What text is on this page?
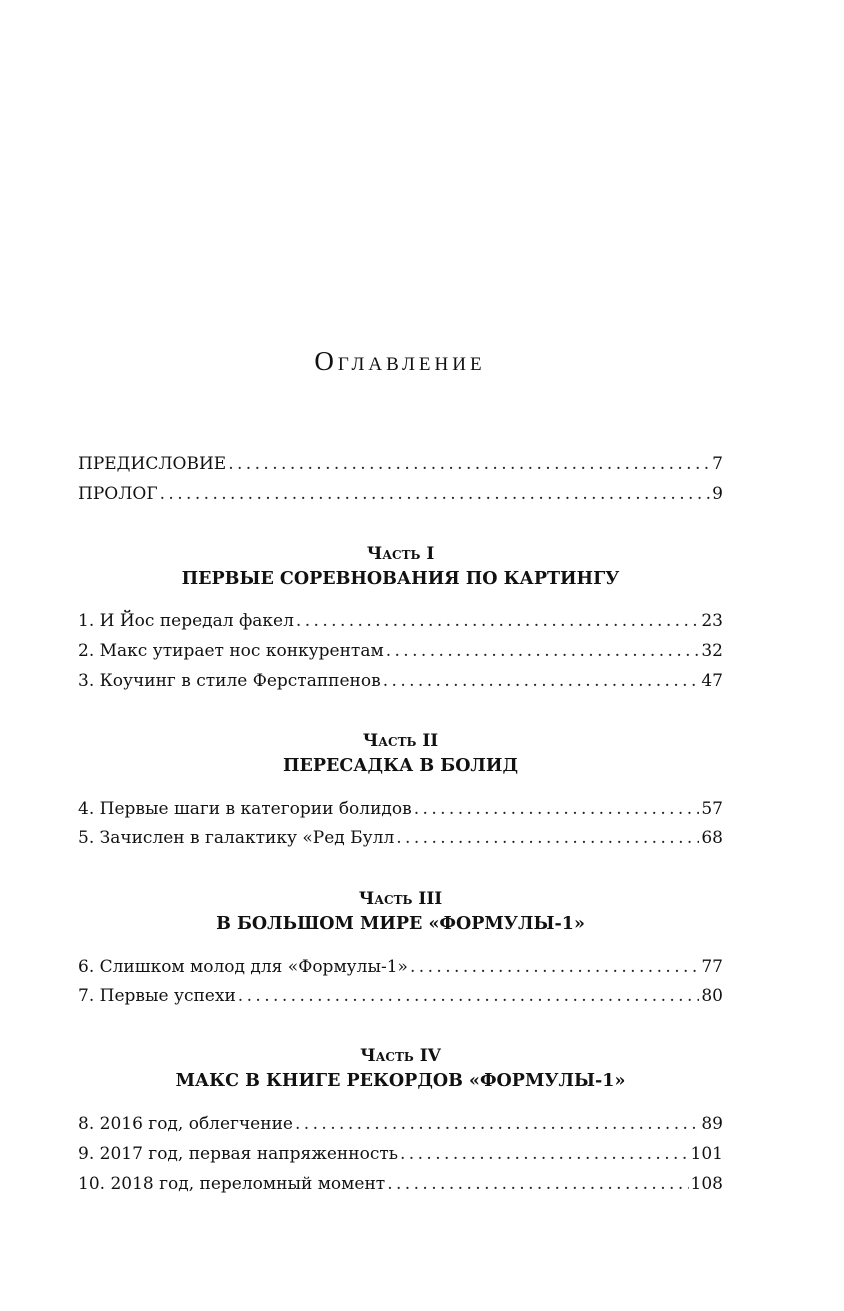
Оглавление
ПРЕДИСЛОВИЕ . . .	7
ПРОЛОГ . . .	9
Часть I
ПЕРВЫЕ СОРЕВНОВАНИЯ ПО КАРТИНГУ
1. И Йос передал факел . . .	23
2. Макс утирает нос конкурентам . . .	32
3. Коучинг в стиле Ферстаппенов . . .	47
Часть II
ПЕРЕСАДКА В БОЛИД
4. Первые шаги в категории болидов . . .	57
5. Зачислен в галактику «Ред Булл . . .	68
Часть III
В БОЛЬШОМ МИРЕ «ФОРМУЛЫ-1»
6. Слишком молод для «Формулы-1» . . .	77
7. Первые успехи . . .	80
Часть IV
МАКС В КНИГЕ РЕКОРДОВ «ФОРМУЛЫ-1»
8. 2016 год, облегчение . . .	89
9. 2017 год, первая напряженность . . .	101
10. 2018 год, переломный момент . . .	108
